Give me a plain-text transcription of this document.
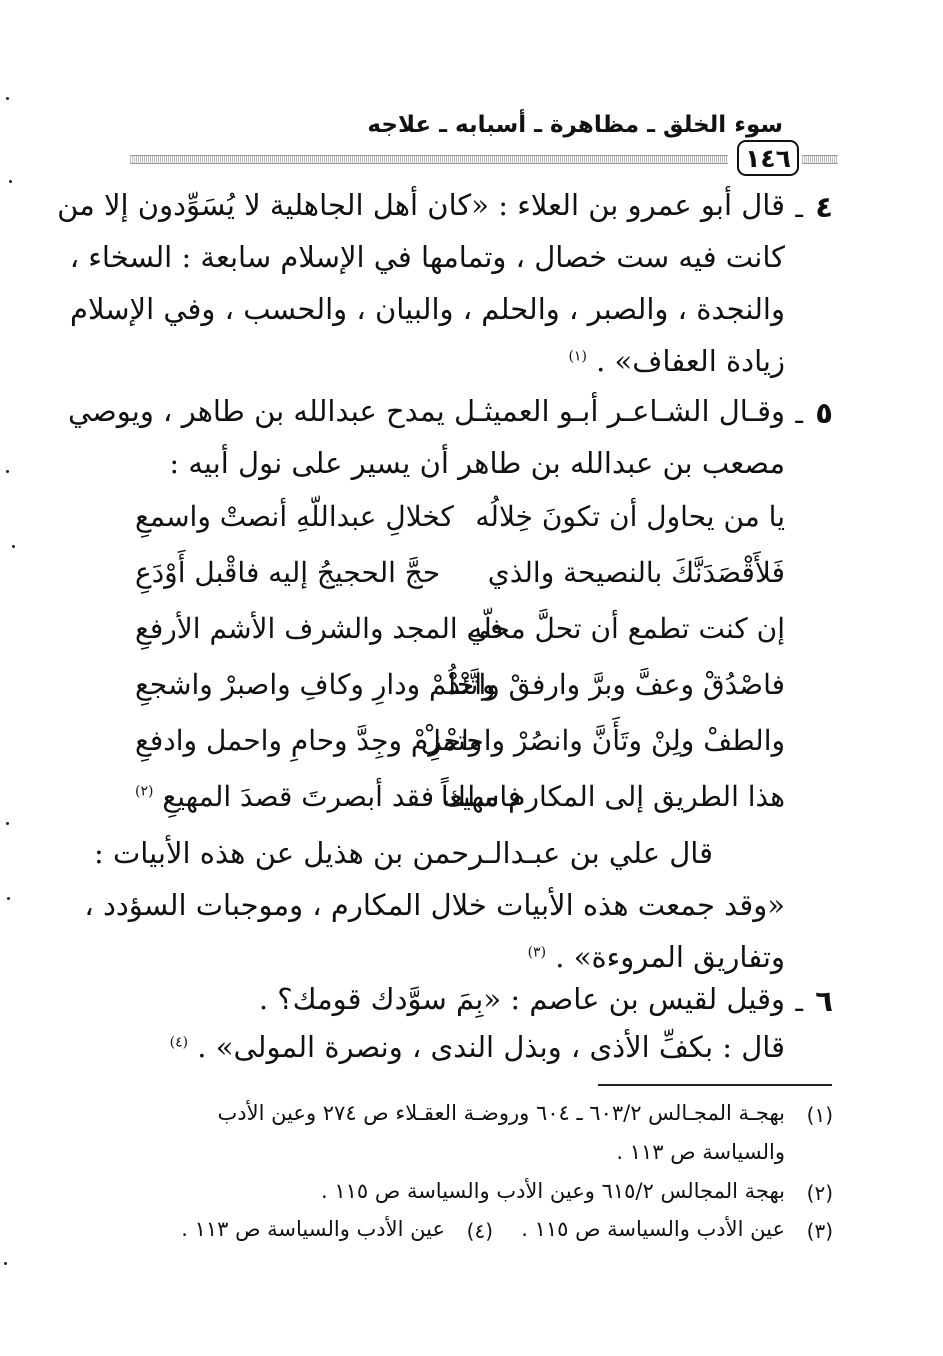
سوء الخلق ـ مظاهرة ـ أسبابه ـ علاجه
١٤٦
٤
ـ
قال أبو عمرو بن العلاء : «كان أهل الجاهلية لا يُسَوِّدون إلا من
كانت فيه ست خصال ، وتمامها في الإسلام سابعة : السخاء ،
والنجدة ، والصبر ، والحلم ، والبيان ، والحسب ، وفي الإسلام
زيادة العفاف» . $^{(١)}$
٥
ـ
وقـال الشـاعـر أبـو العميثـل يمدح عبدالله بن طاهر ، ويوصي
مصعب بن عبدالله بن طاهر أن يسير على نول أبيه :
يا من يحاول أن تكونَ خِلالُه
كخلالِ عبداللّهِ أنصتْ واسمعِ
فَلأَقْصَدَنَّكَ بالنصيحة والذي
حجَّ الحجيجُ إليه فاقْبل أَوْدَعِ
إن كنت تطمع أن تحلَّ محلّه
في المجد والشرف الأشم الأرفعِ
فاصْدُقْ وعفَّ وبرَّ وارفقْ واتَّئدْ
واحْلُمْ ودارِ وكافِ واصبرْ واشجعِ
والطفْ ولِنْ وتَأَنَّ وانصُرْ واحتملْ
واحْزِمْ وجِدَّ وحامِ واحمل وادفعِ
هذا الطريق إلى المكارم مهيعاً
فاسلك فقد أبصرتَ قصدَ المهيعِ $^{(٢)}$
قال علي بن عبـدالـرحمن بن هذيل عن هذه الأبيات :
«وقد جمعت هذه الأبيات خلال المكارم ، وموجبات السؤدد ،
وتفاريق المروءة» . $^{(٣)}$
٦
ـ
وقيل لقيس بن عاصم : «بِمَ سوَّدك قومك؟ .
قال : بكفِّ الأذى ، وبذل الندى ، ونصرة المولى» . $^{(٤)}$
(١)
بهجـة المجـالس ٦٠٣/٢ ـ ٦٠٤ وروضـة العقـلاء ص ٢٧٤ وعين الأدب
والسياسة ص ١١٣ .
(٢)
بهجة المجالس ٦١٥/٢ وعين الأدب والسياسة ص ١١٥ .
(٣)
عين الأدب والسياسة ص ١١٥ .
(٤)
عين الأدب والسياسة ص ١١٣ .
